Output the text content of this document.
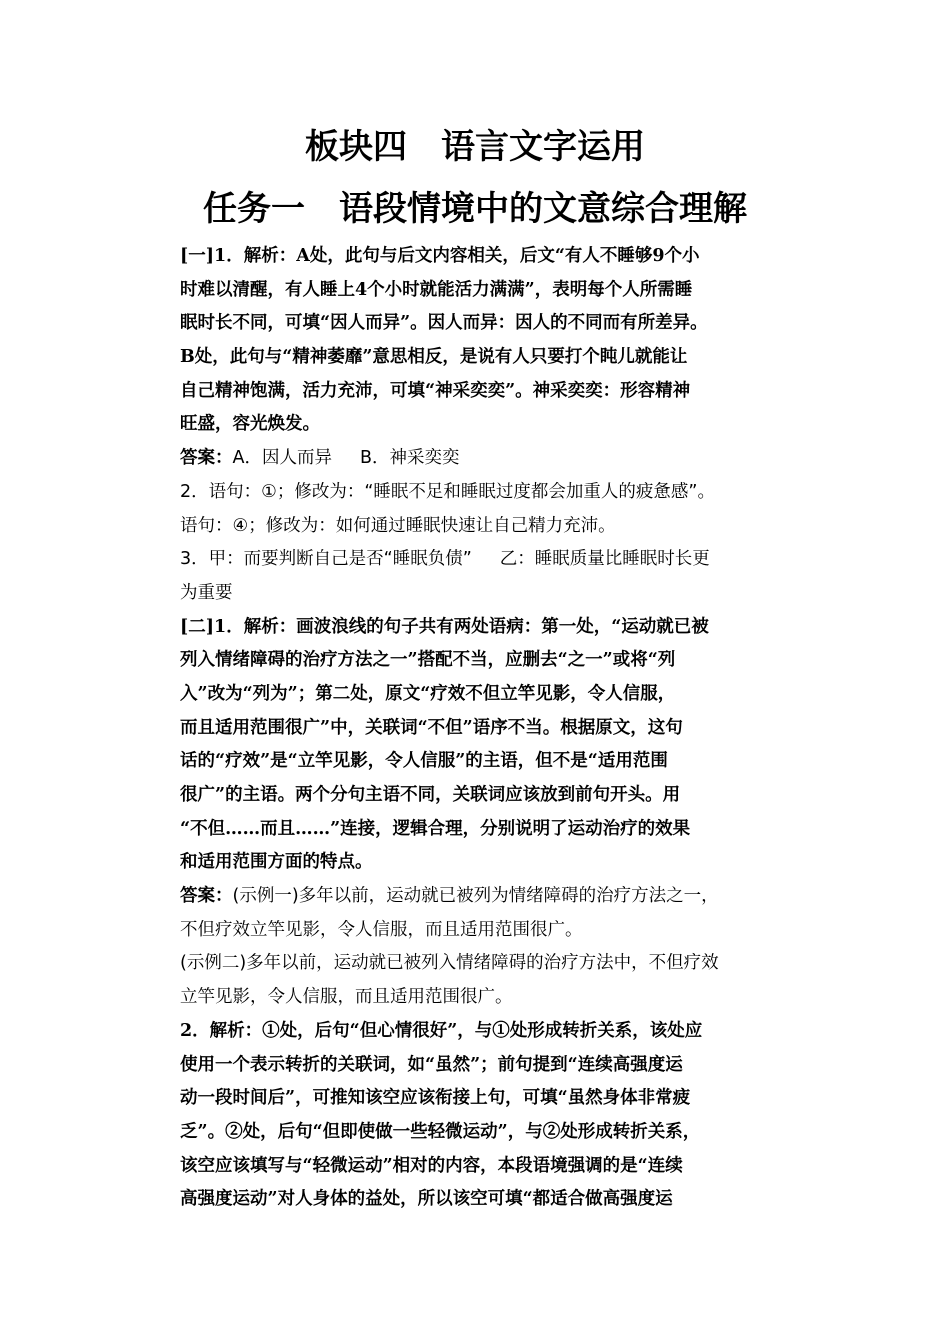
板块四　语言文字运用
任务一　语段情境中的文意综合理解
[一]1．解析：A处，此句与后文内容相关，后文“有人不睡够9个小
时难以清醒，有人睡上4个小时就能活力满满”，表明每个人所需睡
眠时长不同，可填“因人而异”。因人而异：因人的不同而有所差异。
B处，此句与“精神萎靡”意思相反，是说有人只要打个盹儿就能让
自己精神饱满，活力充沛，可填“神采奕奕”。神采奕奕：形容精神
旺盛，容光焕发。
答案：A．因人而异 B．神采奕奕
2．语句：①；修改为：“睡眠不足和睡眠过度都会加重人的疲惫感”。
语句：④；修改为：如何通过睡眠快速让自己精力充沛。
3．甲：而要判断自己是否“睡眠负债” 乙：睡眠质量比睡眠时长更
为重要
[二]1．解析：画波浪线的句子共有两处语病：第一处，“运动就已被
列入情绪障碍的治疗方法之一”搭配不当，应删去“之一”或将“列
入”改为“列为”；第二处，原文“疗效不但立竿见影，令人信服，
而且适用范围很广”中，关联词“不但”语序不当。根据原文，这句
话的“疗效”是“立竿见影，令人信服”的主语，但不是“适用范围
很广”的主语。两个分句主语不同，关联词应该放到前句开头。用
“不但……而且……”连接，逻辑合理，分别说明了运动治疗的效果
和适用范围方面的特点。
答案：(示例一)多年以前，运动就已被列为情绪障碍的治疗方法之一，
不但疗效立竿见影，令人信服，而且适用范围很广。
(示例二)多年以前，运动就已被列入情绪障碍的治疗方法中，不但疗效
立竿见影，令人信服，而且适用范围很广。
2．解析：①处，后句“但心情很好”，与①处形成转折关系，该处应
使用一个表示转折的关联词，如“虽然”；前句提到“连续高强度运
动一段时间后”，可推知该空应该衔接上句，可填“虽然身体非常疲
乏”。②处，后句“但即使做一些轻微运动”，与②处形成转折关系，
该空应该填写与“轻微运动”相对的内容，本段语境强调的是“连续
高强度运动”对人身体的益处，所以该空可填“都适合做高强度运
